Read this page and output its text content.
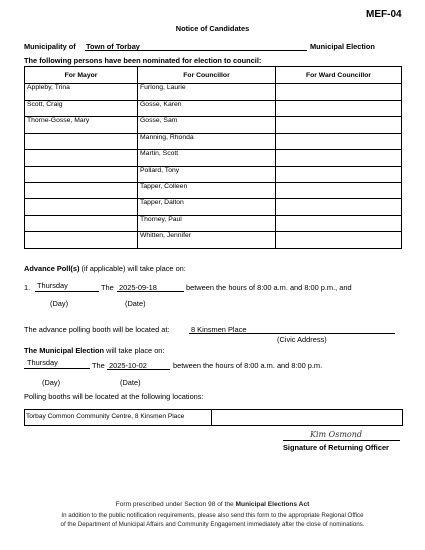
MEF-04
Notice of Candidates
Municipality of Town of Torbay	Municipal Election
The following persons have been nominated for election to council:
For Mayor	For Councillor	For Ward Councillor
Appleby, Trina	Furlong, Laurie	
Scott, Craig	Gosse, Karen	
Thorne-Gosse, Mary	Gosse, Sam	
	Manning, Rhonda	
	Martin, Scott	
	Pollard, Tony	
	Tapper, Colleen	
	Tapper, Dalton	
	Thorney, Paul	
	Whitten, Jennifer	
Advance Poll(s) (if applicable) will take place on:
1. Thursday	The 2025-09-18	between the hours of 8:00 a.m. and 8:00 p.m., and
(Day)	(Date)
The advance polling booth will be located at:	8 Kinsmen Place
(Civic Address)
The Municipal Election will take place on:
Thursday	The 2025-10-02	between the hours of 8:00 a.m. and 8:00 p.m.
(Day)	(Date)
Polling booths will be located at the following locations:
Torbay Common Community Centre, 8 Kinsmen Place
Kim Osmond
Signature of Returning Officer
Form prescribed under Section 98 of the Municipal Elections Act
In addition to the public notification requirements, please also send this form to the appropriate Regional Office
of the Department of Municipal Affairs and Community Engagement immediately after the close of nominations.
